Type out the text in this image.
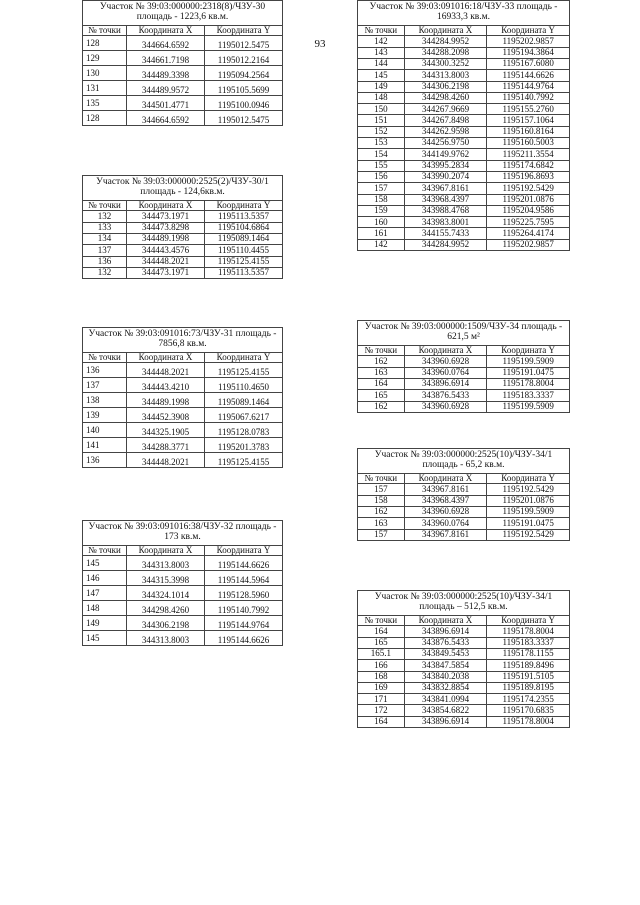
93
Участок № 39:03:000000:2318(8)/ЧЗУ-30 площадь - 1223,6 кв.м.		
№ точки	Координата X	Координата Y
128	344664.6592	1195012.5475
129	344661.7198	1195012.2164
130	344489.3398	1195094.2564
131	344489.9572	1195105.5699
135	344501.4771	1195100.0946
128	344664.6592	1195012.5475
Участок № 39:03:000000:2525(2)/ЧЗУ-30/1 площадь - 124,6кв.м.		
№ точки	Координата X	Координата Y
132	344473.1971	1195113.5357
133	344473.8298	1195104.6864
134	344489.1998	1195089.1464
137	344443.4576	1195110.4455
136	344448.2021	1195125.4155
132	344473.1971	1195113.5357
Участок № 39:03:091016:73/ЧЗУ-31 площадь - 7856,8 кв.м.		
№ точки	Координата X	Координата Y
136	344448.2021	1195125.4155
137	344443.4210	1195110.4650
138	344489.1998	1195089.1464
139	344452.3908	1195067.6217
140	344325.1905	1195128.0783
141	344288.3771	1195201.3783
136	344448.2021	1195125.4155
Участок № 39:03:091016:38/ЧЗУ-32 площадь - 173 кв.м.		
№ точки	Координата X	Координата Y
145	344313.8003	1195144.6626
146	344315.3998	1195144.5964
147	344324.1014	1195128.5960
148	344298.4260	1195140.7992
149	344306.2198	1195144.9764
145	344313.8003	1195144.6626
Участок № 39:03:091016:18/ЧЗУ-33 площадь - 16933,3 кв.м.		
№ точки	Координата X	Координата Y
142	344284.9952	1195202.9857
143	344288.2098	1195194.3864
144	344300.3252	1195167.6080
145	344313.8003	1195144.6626
149	344306.2198	1195144.9764
148	344298.4260	1195140.7992
150	344267.9669	1195155.2760
151	344267.8498	1195157.1064
152	344262.9598	1195160.8164
153	344256.9750	1195160.5003
154	344149.9762	1195211.3554
155	343995.2834	1195174.6842
156	343990.2074	1195196.8693
157	343967.8161	1195192.5429
158	343968.4397	1195201.0876
159	343988.4768	1195204.9586
160	343983.8001	1195225.7595
161	344155.7433	1195264.4174
142	344284.9952	1195202.9857
Участок № 39:03:000000:1509/ЧЗУ-34 площадь - 621,5 м²		
№ точки	Координата X	Координата Y
162	343960.6928	1195199.5909
163	343960.0764	1195191.0475
164	343896.6914	1195178.8004
165	343876.5433	1195183.3337
162	343960.6928	1195199.5909
Участок № 39:03:000000:2525(10)/ЧЗУ-34/1 площадь - 65,2 кв.м.		
№ точки	Координата X	Координата Y
157	343967.8161	1195192.5429
158	343968.4397	1195201.0876
162	343960.6928	1195199.5909
163	343960.0764	1195191.0475
157	343967.8161	1195192.5429
Участок № 39:03:000000:2525(10)/ЧЗУ-34/1 площадь – 512,5 кв.м.		
№ точки	Координата X	Координата Y
164	343896.6914	1195178.8004
165	343876.5433	1195183.3337
165.1	343849.5453	1195178.1155
166	343847.5854	1195189.8496
168	343840.2038	1195191.5105
169	343832.8854	1195189.8195
171	343841.0994	1195174.2355
172	343854.6822	1195170.6835
164	343896.6914	1195178.8004
